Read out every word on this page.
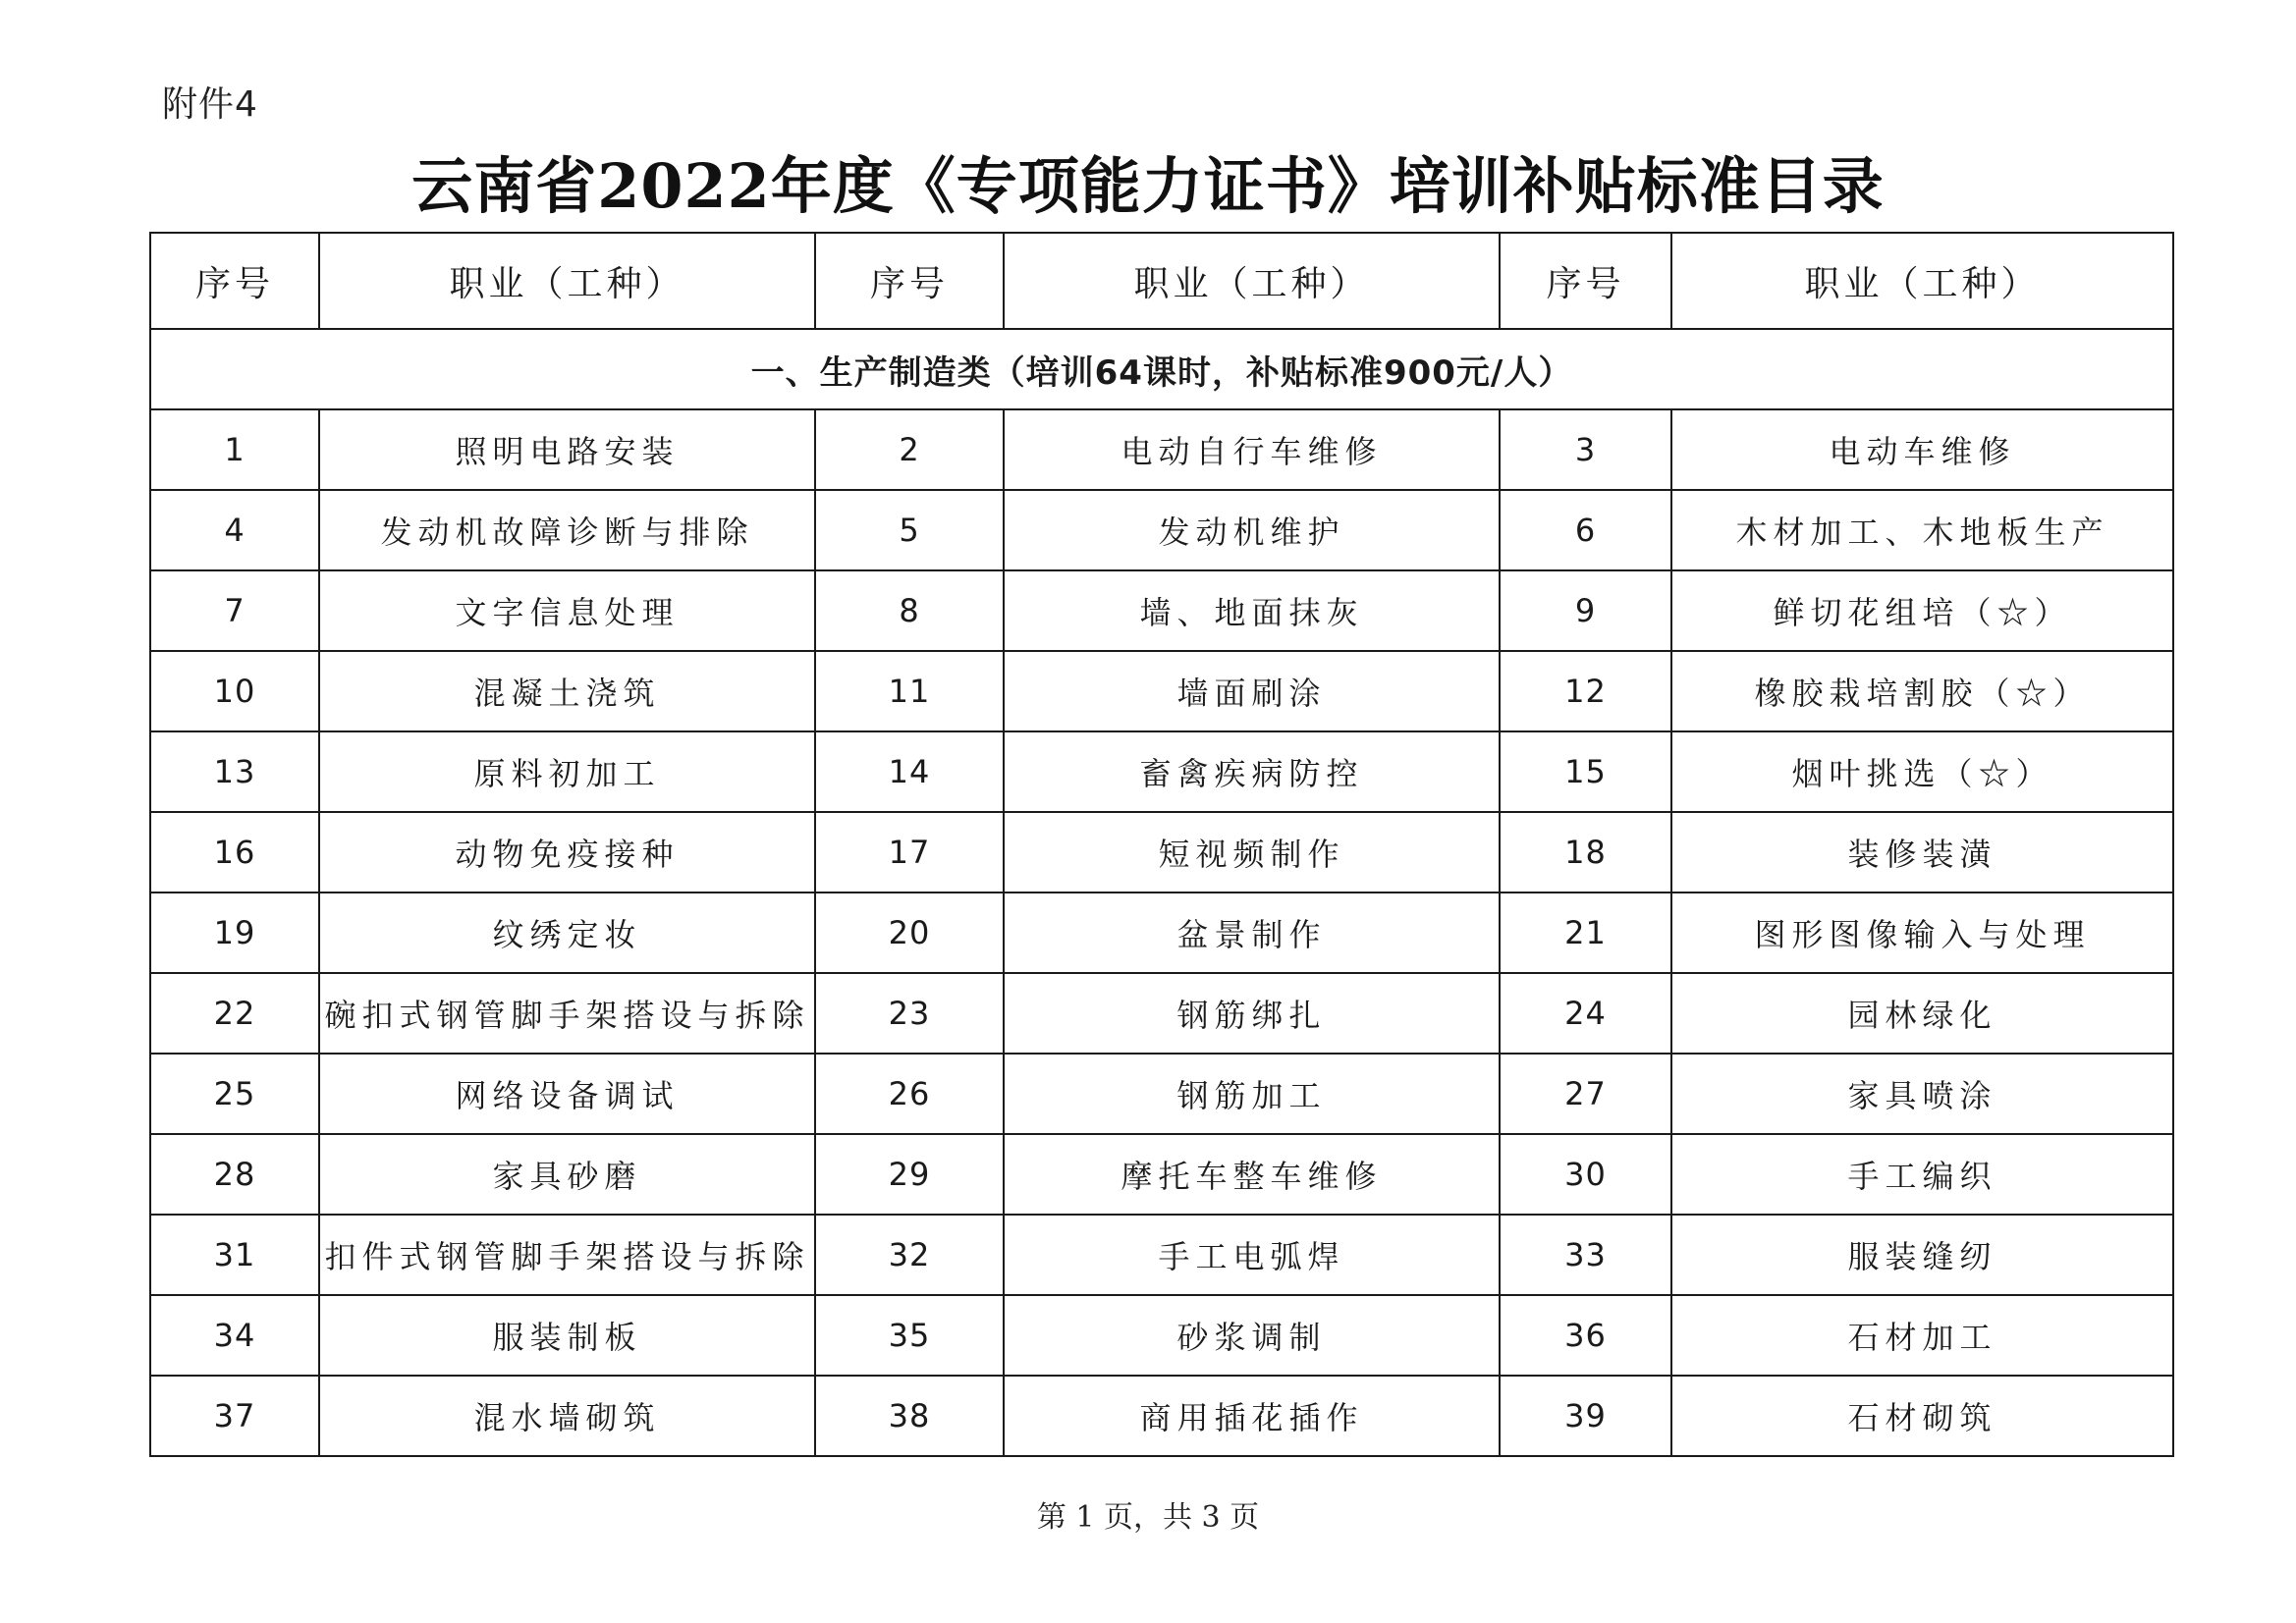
附件4
云南省2022年度《专项能力证书》培训补贴标准目录
序号	职业（工种）	序号	职业（工种）	序号	职业（工种）
一、生产制造类（培训64课时，补贴标准900元/人）					
1	照明电路安装	2	电动自行车维修	3	电动车维修
4	发动机故障诊断与排除	5	发动机维护	6	木材加工、木地板生产
7	文字信息处理	8	墙、地面抹灰	9	鲜切花组培（☆）
10	混凝土浇筑	11	墙面刷涂	12	橡胶栽培割胶（☆）
13	原料初加工	14	畜禽疾病防控	15	烟叶挑选（☆）
16	动物免疫接种	17	短视频制作	18	装修装潢
19	纹绣定妆	20	盆景制作	21	图形图像输入与处理
22	碗扣式钢管脚手架搭设与拆除	23	钢筋绑扎	24	园林绿化
25	网络设备调试	26	钢筋加工	27	家具喷涂
28	家具砂磨	29	摩托车整车维修	30	手工编织
31	扣件式钢管脚手架搭设与拆除	32	手工电弧焊	33	服装缝纫
34	服装制板	35	砂浆调制	36	石材加工
37	混水墙砌筑	38	商用插花插作	39	石材砌筑
第 1 页，共 3 页
